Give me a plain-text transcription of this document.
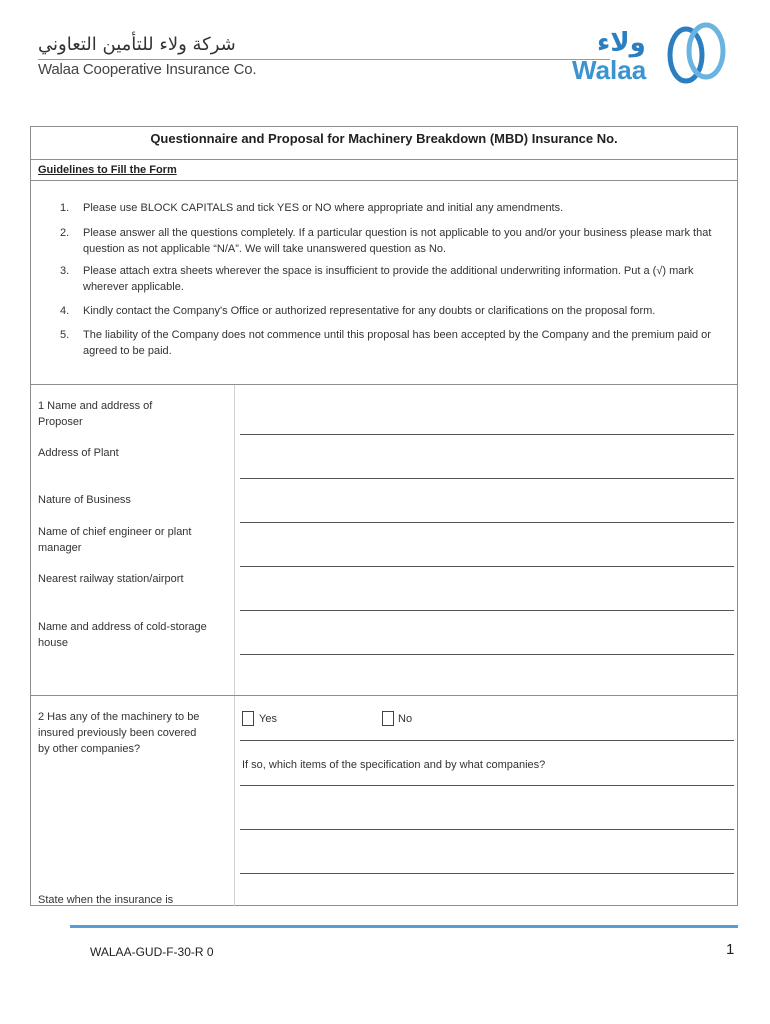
شركة ولاء للتأمين التعاوني
Walaa Cooperative Insurance Co.
ولاء
Walaa
Questionnaire and Proposal for Machinery Breakdown (MBD) Insurance No.
Guidelines to Fill the Form
1. Please use BLOCK CAPITALS and tick YES or NO where appropriate and initial any amendments.
2. Please answer all the questions completely. If a particular question is not applicable to you and/or your business please mark that question as not applicable “N/A”. We will take unanswered question as No.
3. Please attach extra sheets wherever the space is insufficient to provide the additional underwriting information. Put a (√) mark wherever applicable.
4. Kindly contact the Company's Office or authorized representative for any doubts or clarifications on the proposal form.
5. The liability of the Company does not commence until this proposal has been accepted by the Company and the premium paid or agreed to be paid.
1 Name and address of Proposer
Address of Plant
Nature of Business
Name of chief engineer or plant manager
Nearest railway station/airport
Name and address of cold-storage house
2 Has any of the machinery to be insured previously been covered by other companies?
Yes	No
If so, which items of the specification and by what companies?
State when the insurance is
WALAA-GUD-F-30-R 0	1
